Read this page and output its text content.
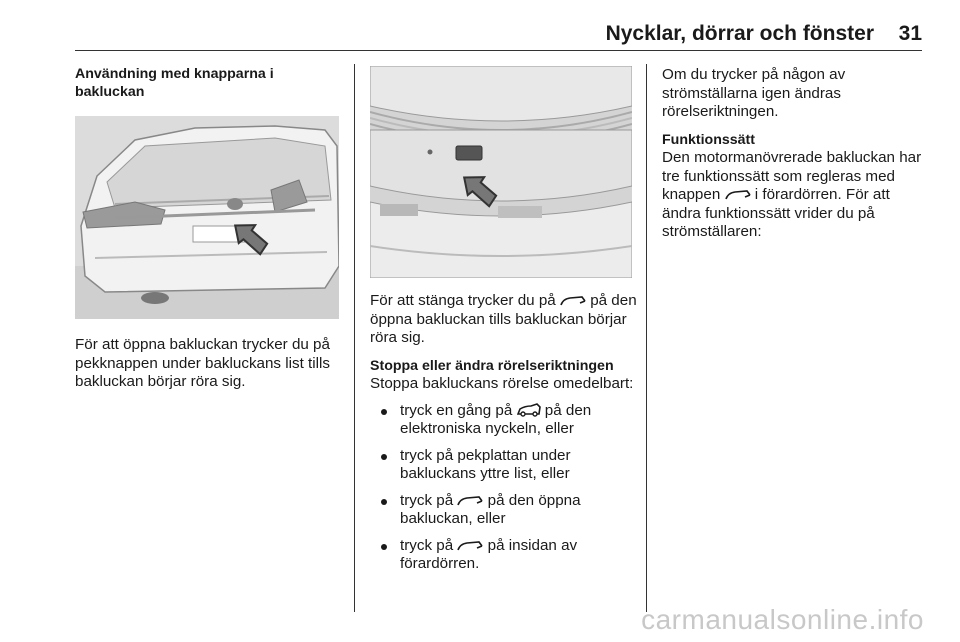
Nycklar, dörrar och fönster 31

Användning med knapparna i bakluckan

För att öppna bakluckan trycker du på pekknappen under bakluckans list tills bakluckan börjar röra sig.

För att stänga trycker du på på den öppna bakluckan tills bakluckan börjar röra sig.

Stoppa eller ändra rörelseriktningen

Stoppa bakluckans rörelse omedelbart:

tryck en gång på på den elektroniska nyckeln, eller
tryck på pekplattan under bakluckans yttre list, eller
tryck på på den öppna bakluckan, eller
tryck på på insidan av förardörren.

Om du trycker på någon av strömställarna igen ändras rörelseriktningen.

Funktionssätt

Den motormanövrerade bakluckan har tre funktionssätt som regleras med knappen i förardörren. För att ändra funktionssätt vrider du på strömställaren:

carmanualsonline.info
